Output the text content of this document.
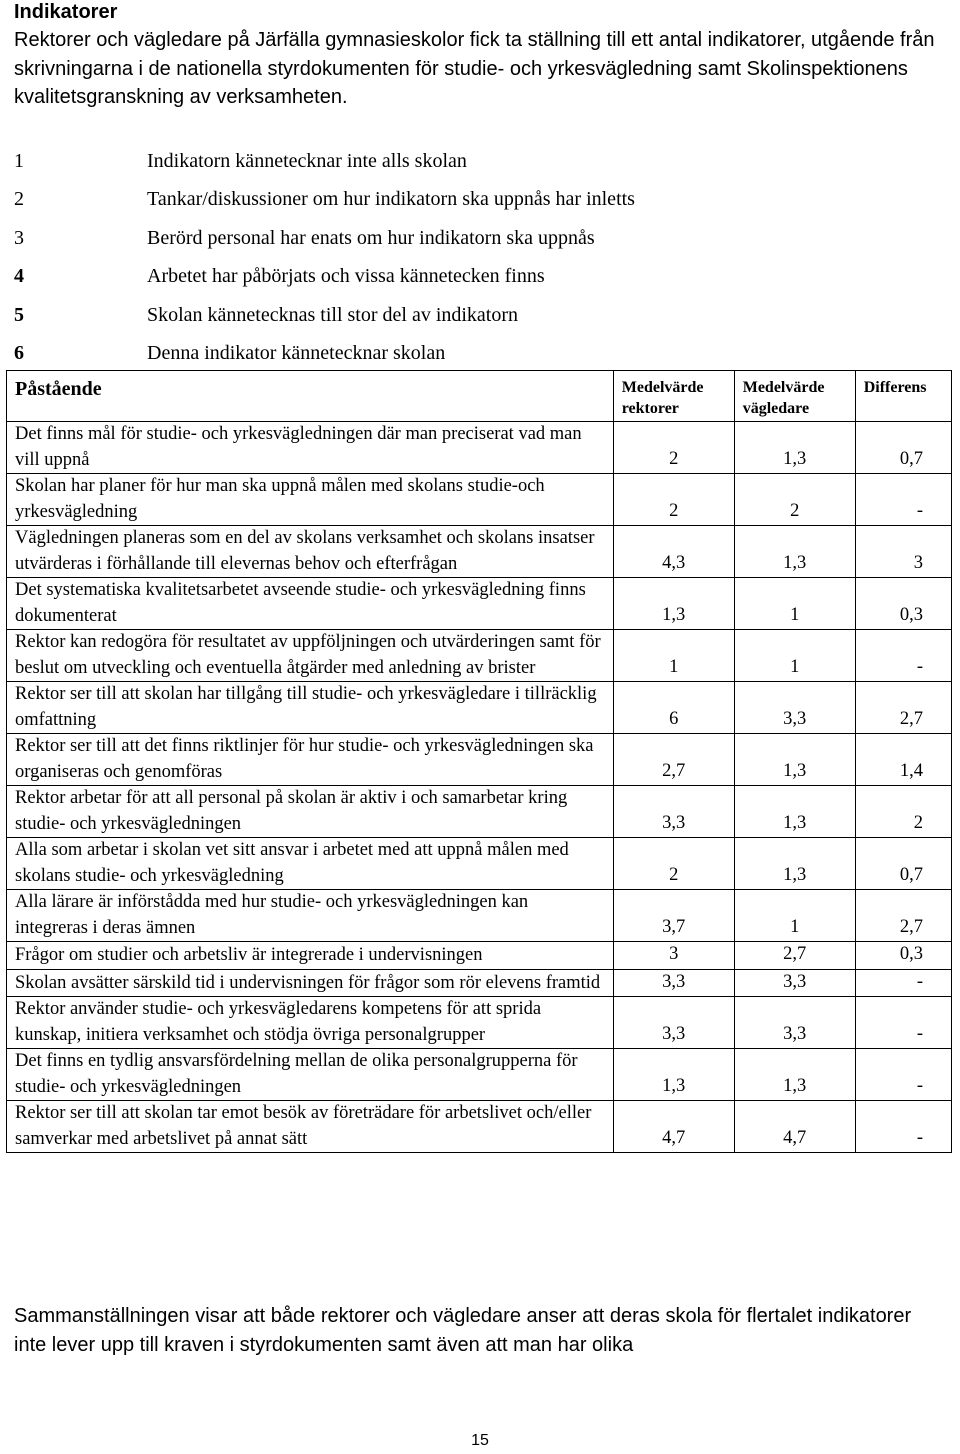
Indikatorer

Rektorer och vägledare på Järfälla gymnasieskolor fick ta ställning till ett antal indikatorer, utgående från skrivningarna i de nationella styrdokumenten för studie- och yrkesvägledning samt Skolinspektionens kvalitetsgranskning av verksamheten.

1	Indikatorn kännetecknar inte alls skolan
2	Tankar/diskussioner om hur indikatorn ska uppnås har inletts
3	Berörd personal har enats om hur indikatorn ska uppnås
4	Arbetet har påbörjats och vissa kännetecken finns
5	Skolan kännetecknas till stor del av indikatorn
6	Denna indikator kännetecknar skolan
Påstående	Medelvärde rektorer	Medelvärde vägledare	Differens
Det finns mål för studie- och yrkesvägledningen där man preciserat vad man vill uppnå	2	1,3	0,7
Skolan har planer för hur man ska uppnå målen med skolans studie-och yrkesvägledning	2	2	-
Vägledningen planeras som en del av skolans verksamhet och skolans insatser utvärderas i förhållande till elevernas behov och efterfrågan	4,3	1,3	3
Det systematiska kvalitetsarbetet avseende studie- och yrkesvägledning finns dokumenterat	1,3	1	0,3
Rektor kan redogöra för resultatet av uppföljningen och utvärderingen samt för beslut om utveckling och eventuella åtgärder med anledning av brister	1	1	-
Rektor ser till att skolan har tillgång till studie- och yrkesvägledare i tillräcklig omfattning	6	3,3	2,7
Rektor ser till att det finns riktlinjer för hur studie- och yrkesvägledningen ska organiseras och genomföras	2,7	1,3	1,4
Rektor arbetar för att all personal på skolan är aktiv i och samarbetar kring studie- och yrkesvägledningen	3,3	1,3	2
Alla som arbetar i skolan vet sitt ansvar i arbetet med att uppnå målen med skolans studie- och yrkesvägledning	2	1,3	0,7
Alla lärare är införstådda med hur studie- och yrkesvägledningen kan integreras i deras ämnen	3,7	1	2,7
Frågor om studier och arbetsliv är integrerade i undervisningen	3	2,7	0,3
Skolan avsätter särskild tid i undervisningen för frågor som rör elevens framtid	3,3	3,3	-
Rektor använder studie- och yrkesvägledarens kompetens för att sprida kunskap, initiera verksamhet och stödja övriga personalgrupper	3,3	3,3	-
Det finns en tydlig ansvarsfördelning mellan de olika personalgrupperna för studie- och yrkesvägledningen	1,3	1,3	-
Rektor ser till att skolan tar emot besök av företrädare för arbetslivet och/eller samverkar med arbetslivet på annat sätt	4,7	4,7	-

Sammanställningen visar att både rektorer och vägledare anser att deras skola för flertalet indikatorer inte lever upp till kraven i styrdokumenten samt även att man har olika

15
